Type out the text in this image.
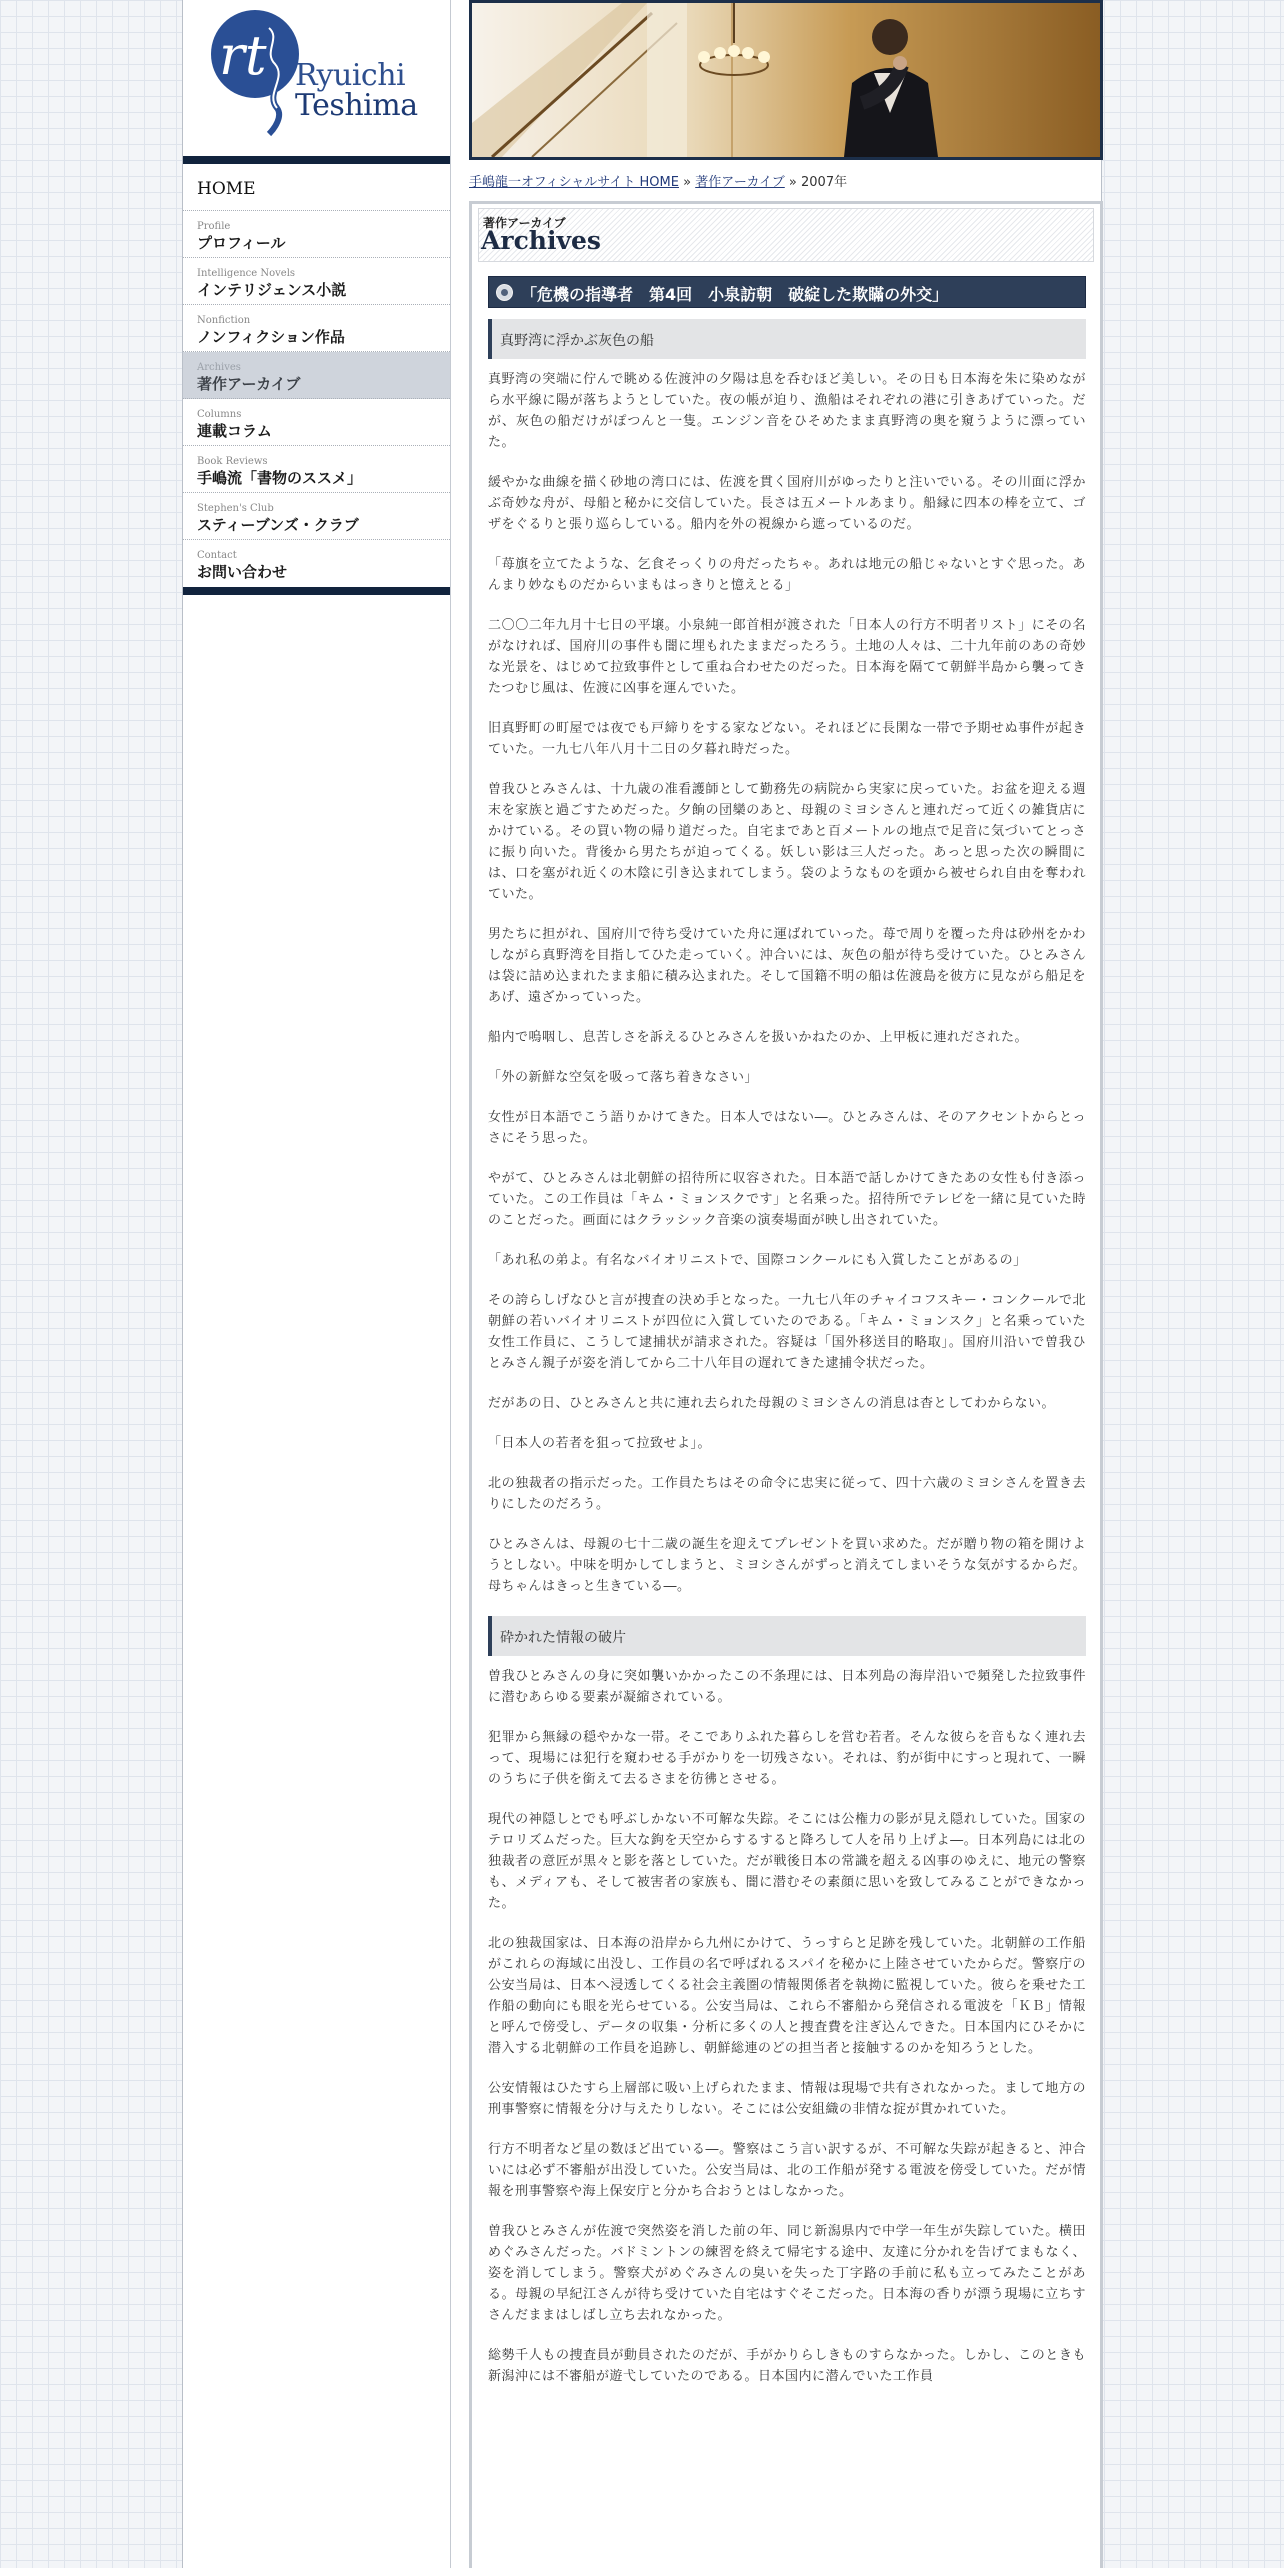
rt Ryuichi
Teshima
HOME
Profile
プロフィール
Intelligence Novels
インテリジェンス小説
Nonfiction
ノンフィクション作品
Archives
著作アーカイブ
Columns
連載コラム
Book Reviews
手嶋流「書物のススメ」
Stephen's Club
スティーブンズ・クラブ
Contact
お問い合わせ
手嶋龍一オフィシャルサイト HOME » 著作アーカイブ » 2007年
著作アーカイブ
Archives
「危機の指導者　第4回　小泉訪朝　破綻した欺瞞の外交」
真野湾に浮かぶ灰色の船

真野湾の突端に佇んで眺める佐渡沖の夕陽は息を呑むほど美しい。その日も日本海を朱に染めながら水平線に陽が落ちようとしていた。夜の帳が迫り、漁船はそれぞれの港に引きあげていった。だが、灰色の船だけがぽつんと一隻。エンジン音をひそめたまま真野湾の奥を窺うように漂っていた。

緩やかな曲線を描く砂地の湾口には、佐渡を貫く国府川がゆったりと注いでいる。その川面に浮かぶ奇妙な舟が、母船と秘かに交信していた。長さは五メートルあまり。船縁に四本の棒を立て、ゴザをぐるりと張り巡らしている。船内を外の視線から遮っているのだ。

「苺旗を立てたような、乞食そっくりの舟だったちゃ。あれは地元の船じゃないとすぐ思った。あんまり妙なものだからいまもはっきりと憶えとる」

二〇〇二年九月十七日の平壌。小泉純一郎首相が渡された「日本人の行方不明者リスト」にその名がなければ、国府川の事件も闇に埋もれたままだったろう。土地の人々は、二十九年前のあの奇妙な光景を、はじめて拉致事件として重ね合わせたのだった。日本海を隔てて朝鮮半島から襲ってきたつむじ風は、佐渡に凶事を運んでいた。

旧真野町の町屋では夜でも戸締りをする家などない。それほどに長閑な一帯で予期せぬ事件が起きていた。一九七八年八月十二日の夕暮れ時だった。

曽我ひとみさんは、十九歳の准看護師として勤務先の病院から実家に戻っていた。お盆を迎える週末を家族と過ごすためだった。夕餉の団欒のあと、母親のミヨシさんと連れだって近くの雑貨店にかけている。その買い物の帰り道だった。自宅まであと百メートルの地点で足音に気づいてとっさに振り向いた。背後から男たちが迫ってくる。妖しい影は三人だった。あっと思った次の瞬間には、口を塞がれ近くの木陰に引き込まれてしまう。袋のようなものを頭から被せられ自由を奪われていた。

男たちに担がれ、国府川で待ち受けていた舟に運ばれていった。苺で周りを覆った舟は砂州をかわしながら真野湾を目指してひた走っていく。沖合いには、灰色の船が待ち受けていた。ひとみさんは袋に詰め込まれたまま船に積み込まれた。そして国籍不明の船は佐渡島を彼方に見ながら船足をあげ、遠ざかっていった。

船内で嗚咽し、息苦しさを訴えるひとみさんを扱いかねたのか、上甲板に連れだされた。

「外の新鮮な空気を吸って落ち着きなさい」

女性が日本語でこう語りかけてきた。日本人ではない―。ひとみさんは、そのアクセントからとっさにそう思った。

やがて、ひとみさんは北朝鮮の招待所に収容された。日本語で話しかけてきたあの女性も付き添っていた。この工作員は「キム・ミョンスクです」と名乗った。招待所でテレビを一緒に見ていた時のことだった。画面にはクラッシック音楽の演奏場面が映し出されていた。

「あれ私の弟よ。有名なバイオリニストで、国際コンクールにも入賞したことがあるの」

その誇らしげなひと言が捜査の決め手となった。一九七八年のチャイコフスキー・コンクールで北朝鮮の若いバイオリニストが四位に入賞していたのである。「キム・ミョンスク」と名乗っていた女性工作員に、こうして逮捕状が請求された。容疑は「国外移送目的略取」。国府川沿いで曽我ひとみさん親子が姿を消してから二十八年目の遅れてきた逮捕令状だった。

だがあの日、ひとみさんと共に連れ去られた母親のミヨシさんの消息は杳としてわからない。

「日本人の若者を狙って拉致せよ」。

北の独裁者の指示だった。工作員たちはその命令に忠実に従って、四十六歳のミヨシさんを置き去りにしたのだろう。

ひとみさんは、母親の七十二歳の誕生を迎えてプレゼントを買い求めた。だが贈り物の箱を開けようとしない。中味を明かしてしまうと、ミヨシさんがずっと消えてしまいそうな気がするからだ。母ちゃんはきっと生きている―。

砕かれた情報の破片

曽我ひとみさんの身に突如襲いかかったこの不条理には、日本列島の海岸沿いで頻発した拉致事件に潜むあらゆる要素が凝縮されている。

犯罪から無縁の穏やかな一帯。そこでありふれた暮らしを営む若者。そんな彼らを音もなく連れ去って、現場には犯行を窺わせる手がかりを一切残さない。それは、豹が街中にすっと現れて、一瞬のうちに子供を銜えて去るさまを彷彿とさせる。

現代の神隠しとでも呼ぶしかない不可解な失踪。そこには公権力の影が見え隠れしていた。国家のテロリズムだった。巨大な鉤を天空からするすると降ろして人を吊り上げよ―。日本列島には北の独裁者の意匠が黒々と影を落としていた。だが戦後日本の常識を超える凶事のゆえに、地元の警察も、メディアも、そして被害者の家族も、闇に潜むその素顔に思いを致してみることができなかった。

北の独裁国家は、日本海の沿岸から九州にかけて、うっすらと足跡を残していた。北朝鮮の工作船がこれらの海域に出没し、工作員の名で呼ばれるスパイを秘かに上陸させていたからだ。警察庁の公安当局は、日本へ浸透してくる社会主義圏の情報関係者を執拗に監視していた。彼らを乗せた工作船の動向にも眼を光らせている。公安当局は、これら不審船から発信される電波を「ＫＢ」情報と呼んで傍受し、データの収集・分析に多くの人と捜査費を注ぎ込んできた。日本国内にひそかに潜入する北朝鮮の工作員を追跡し、朝鮮総連のどの担当者と接触するのかを知ろうとした。

公安情報はひたすら上層部に吸い上げられたまま、情報は現場で共有されなかった。まして地方の刑事警察に情報を分け与えたりしない。そこには公安組織の非情な掟が貫かれていた。

行方不明者など星の数ほど出ている―。警察はこう言い訳するが、不可解な失踪が起きると、沖合いには必ず不審船が出没していた。公安当局は、北の工作船が発する電波を傍受していた。だが情報を刑事警察や海上保安庁と分かち合おうとはしなかった。

曽我ひとみさんが佐渡で突然姿を消した前の年、同じ新潟県内で中学一年生が失踪していた。横田めぐみさんだった。バドミントンの練習を終えて帰宅する途中、友達に分かれを告げてまもなく、姿を消してしまう。警察犬がめぐみさんの臭いを失った丁字路の手前に私も立ってみたことがある。母親の早紀江さんが待ち受けていた自宅はすぐそこだった。日本海の香りが漂う現場に立ちすさんだままはしばし立ち去れなかった。

総勢千人もの捜査員が動員されたのだが、手がかりらしきものすらなかった。しかし、このときも新潟沖には不審船が遊弋していたのである。日本国内に潜んでいた工作員
